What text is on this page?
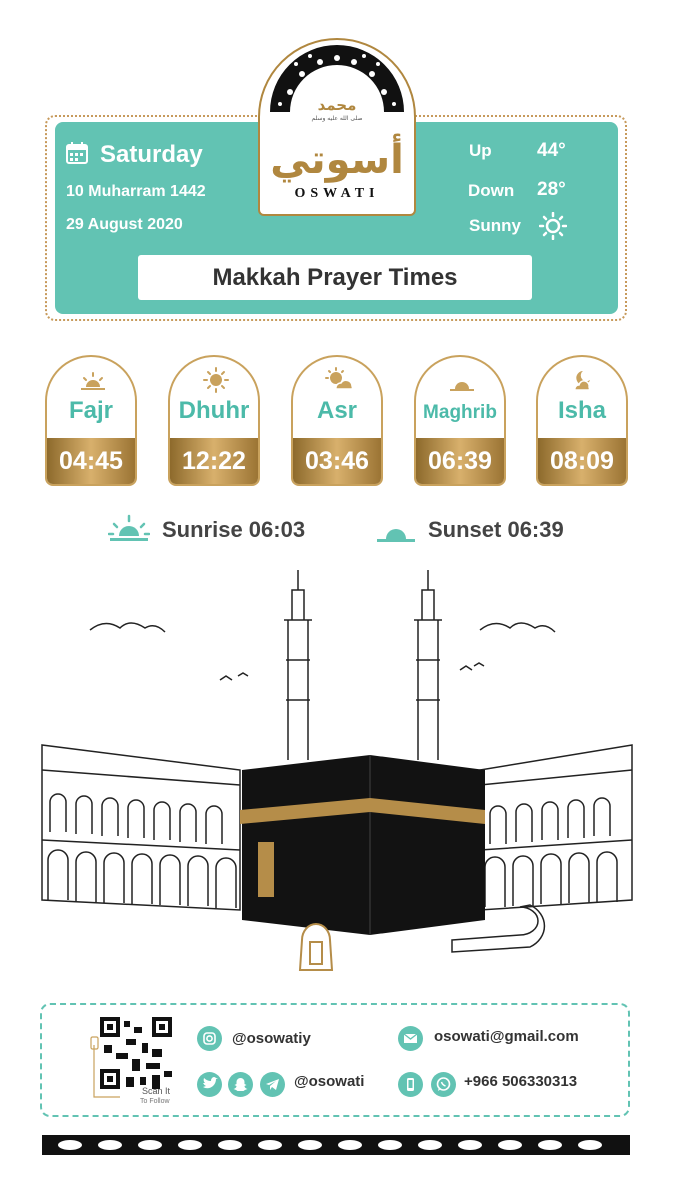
Saturday
10 Muharram 1442
29 August 2020
Up 44°
Down 28°
Sunny
Makkah Prayer Times
محمد
صلى الله عليه وسلم
أسوتي
OSWATI
Fajr
04:45
Dhuhr
12:22
Asr
03:46
Maghrib
06:39
Isha
08:09
Sunrise 06:03	Sunset 06:39
Scan It
To Follow
@osowatiy	osowati@gmail.com
@osowati	+966 506330313
